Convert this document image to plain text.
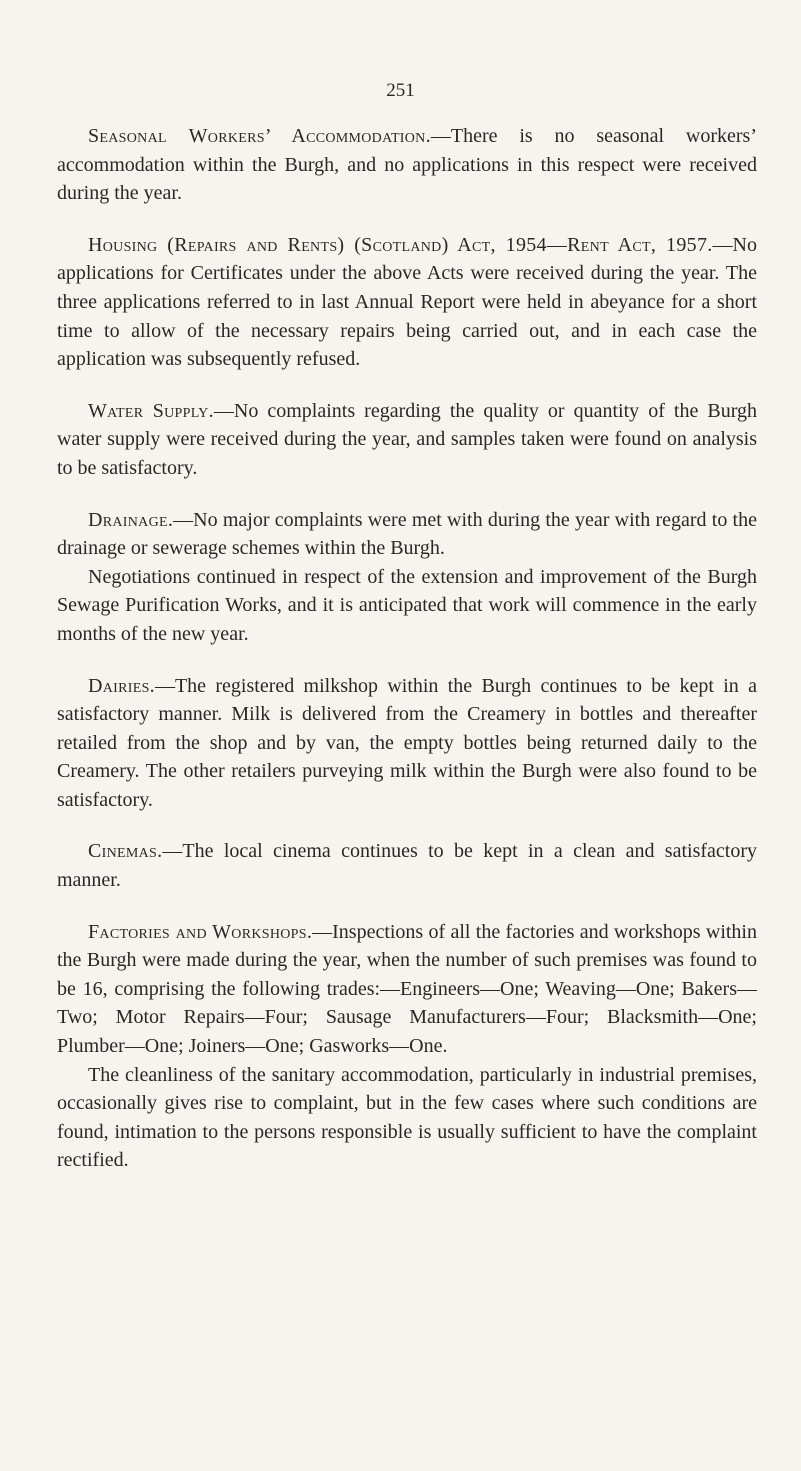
251

Seasonal Workers’ Accommodation.—There is no seasonal workers’ accommodation within the Burgh, and no applications in this respect were received during the year.

Housing (Repairs and Rents) (Scotland) Act, 1954—Rent Act, 1957.—No applications for Certificates under the above Acts were received during the year. The three applications referred to in last Annual Report were held in abeyance for a short time to allow of the necessary repairs being carried out, and in each case the application was subsequently refused.

Water Supply.—No complaints regarding the quality or quantity of the Burgh water supply were received during the year, and samples taken were found on analysis to be satisfactory.

Drainage.—No major complaints were met with during the year with regard to the drainage or sewerage schemes within the Burgh.

Negotiations continued in respect of the extension and improvement of the Burgh Sewage Purification Works, and it is anticipated that work will commence in the early months of the new year.

Dairies.—The registered milkshop within the Burgh continues to be kept in a satisfactory manner. Milk is delivered from the Creamery in bottles and thereafter retailed from the shop and by van, the empty bottles being returned daily to the Creamery. The other retailers purveying milk within the Burgh were also found to be satisfactory.

Cinemas.—The local cinema continues to be kept in a clean and satisfactory manner.

Factories and Workshops.—Inspections of all the factories and workshops within the Burgh were made during the year, when the number of such premises was found to be 16, comprising the following trades:—Engineers—One; Weaving—One; Bakers—Two; Motor Repairs—Four; Sausage Manufacturers—Four; Blacksmith—One; Plumber—One; Joiners—One; Gasworks—One.

The cleanliness of the sanitary accommodation, particularly in industrial premises, occasionally gives rise to complaint, but in the few cases where such conditions are found, intimation to the persons responsible is usually sufficient to have the complaint rectified.
